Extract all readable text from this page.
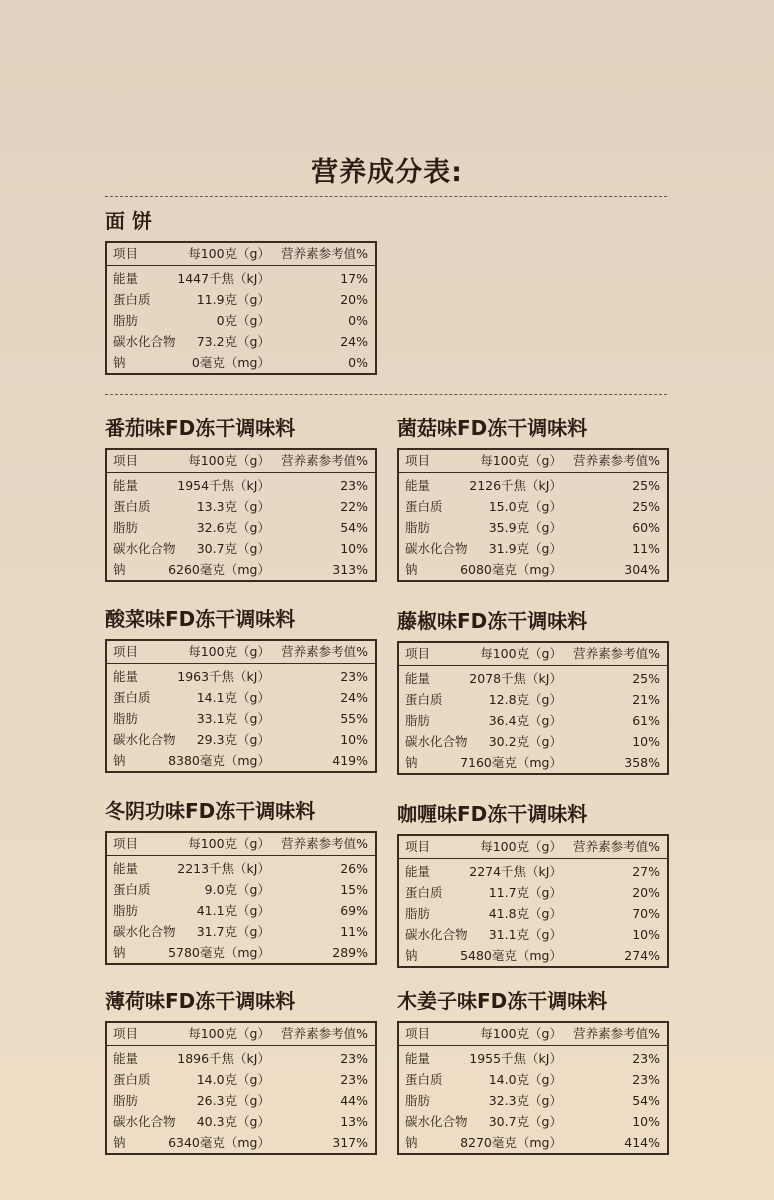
营养成分表:
面 饼
项目	每100克（g） 营养素参考值%
能量	1447千焦（kJ）	17%
蛋白质	11.9克（g）	20%
脂肪	0克（g）	0%
碳水化合物 73.2克（g）	24%
钠	0毫克（mg）	0%
番茄味FD冻干调味料
项目	每100克（g） 营养素参考值%
能量	1954千焦（kJ）	23%
蛋白质	13.3克（g）	22%
脂肪	32.6克（g）	54%
碳水化合物 30.7克（g）	10%
钠	6260毫克（mg）	313%
菌菇味FD冻干调味料
项目	每100克（g） 营养素参考值%
能量	2126千焦（kJ）	25%
蛋白质	15.0克（g）	25%
脂肪	35.9克（g）	60%
碳水化合物 31.9克（g）	11%
钠	6080毫克（mg）	304%
酸菜味FD冻干调味料
项目	每100克（g） 营养素参考值%
能量	1963千焦（kJ）	23%
蛋白质	14.1克（g）	24%
脂肪	33.1克（g）	55%
碳水化合物 29.3克（g）	10%
钠	8380毫克（mg）	419%
藤椒味FD冻干调味料
项目	每100克（g） 营养素参考值%
能量	2078千焦（kJ）	25%
蛋白质	12.8克（g）	21%
脂肪	36.4克（g）	61%
碳水化合物 30.2克（g）	10%
钠	7160毫克（mg）	358%
冬阴功味FD冻干调味料
项目	每100克（g） 营养素参考值%
能量	2213千焦（kJ）	26%
蛋白质	9.0克（g）	15%
脂肪	41.1克（g）	69%
碳水化合物 31.7克（g）	11%
钠	5780毫克（mg）	289%
咖喱味FD冻干调味料
项目	每100克（g） 营养素参考值%
能量	2274千焦（kJ）	27%
蛋白质	11.7克（g）	20%
脂肪	41.8克（g）	70%
碳水化合物 31.1克（g）	10%
钠	5480毫克（mg）	274%
薄荷味FD冻干调味料
项目	每100克（g） 营养素参考值%
能量	1896千焦（kJ）	23%
蛋白质	14.0克（g）	23%
脂肪	26.3克（g）	44%
碳水化合物 40.3克（g）	13%
钠	6340毫克（mg）	317%
木姜子味FD冻干调味料
项目	每100克（g） 营养素参考值%
能量	1955千焦（kJ）	23%
蛋白质	14.0克（g）	23%
脂肪	32.3克（g）	54%
碳水化合物 30.7克（g）	10%
钠	8270毫克（mg）	414%
